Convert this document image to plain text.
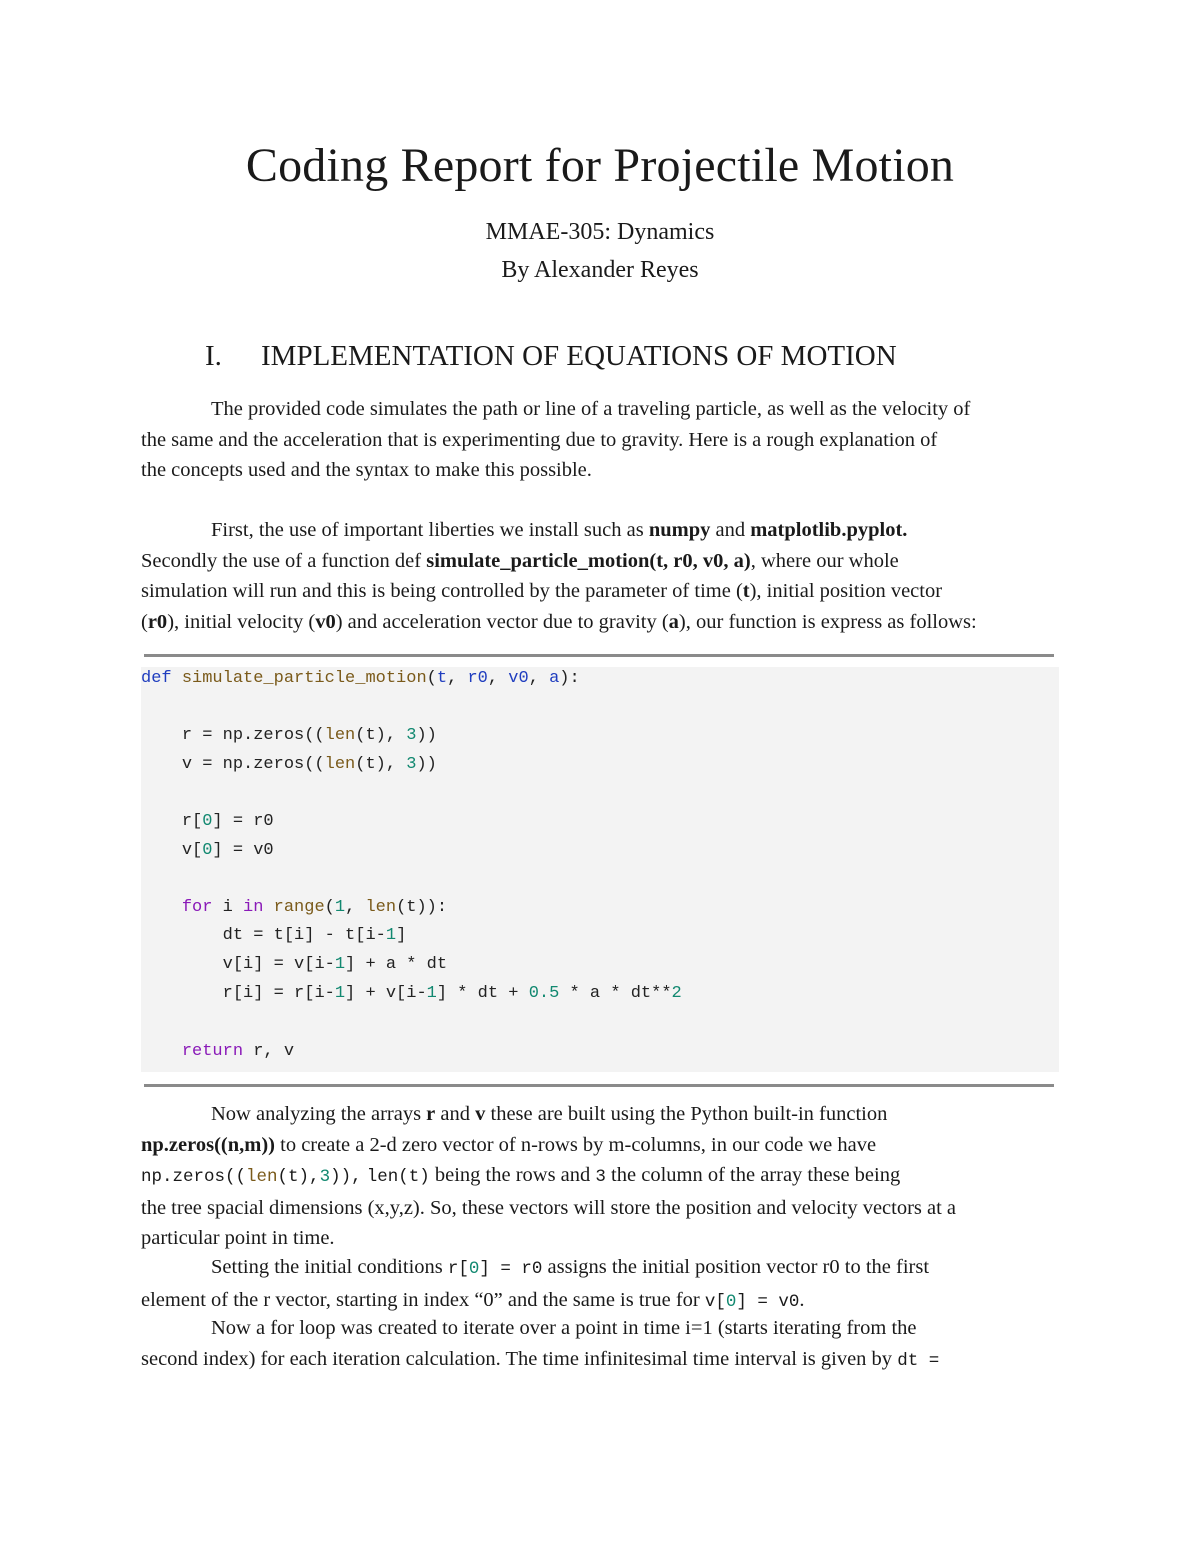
Coding Report for Projectile Motion
MMAE-305: Dynamics
By Alexander Reyes
I. IMPLEMENTATION OF EQUATIONS OF MOTION
The provided code simulates the path or line of a traveling particle, as well as the velocity of
the same and the acceleration that is experimenting due to gravity. Here is a rough explanation of
the concepts used and the syntax to make this possible.
First, the use of important liberties we install such as numpy and matplotlib.pyplot.
Secondly the use of a function def simulate_particle_motion(t, r0, v0, a), where our whole
simulation will run and this is being controlled by the parameter of time (t), initial position vector
(r0), initial velocity (v0) and acceleration vector due to gravity (a), our function is express as follows:
def simulate_particle_motion(t, r0, v0, a):
r = np.zeros((len(t), 3))
v = np.zeros((len(t), 3))
r[0] = r0
v[0] = v0
for i in range(1, len(t)):
dt = t[i] - t[i-1]
v[i] = v[i-1] + a * dt
r[i] = r[i-1] + v[i-1] * dt + 0.5 * a * dt**2
return r, v
Now analyzing the arrays r and v these are built using the Python built-in function
np.zeros((n,m)) to create a 2-d zero vector of n-rows by m-columns, in our code we have
np.zeros((len(t),3)), len(t) being the rows and 3 the column of the array these being
the tree spacial dimensions (x,y,z). So, these vectors will store the position and velocity vectors at a
particular point in time.
Setting the initial conditions r[0] = r0 assigns the initial position vector r0 to the first
element of the r vector, starting in index “0” and the same is true for v[0] = v0.
Now a for loop was created to iterate over a point in time i=1 (starts iterating from the
second index) for each iteration calculation. The time infinitesimal time interval is given by dt =
